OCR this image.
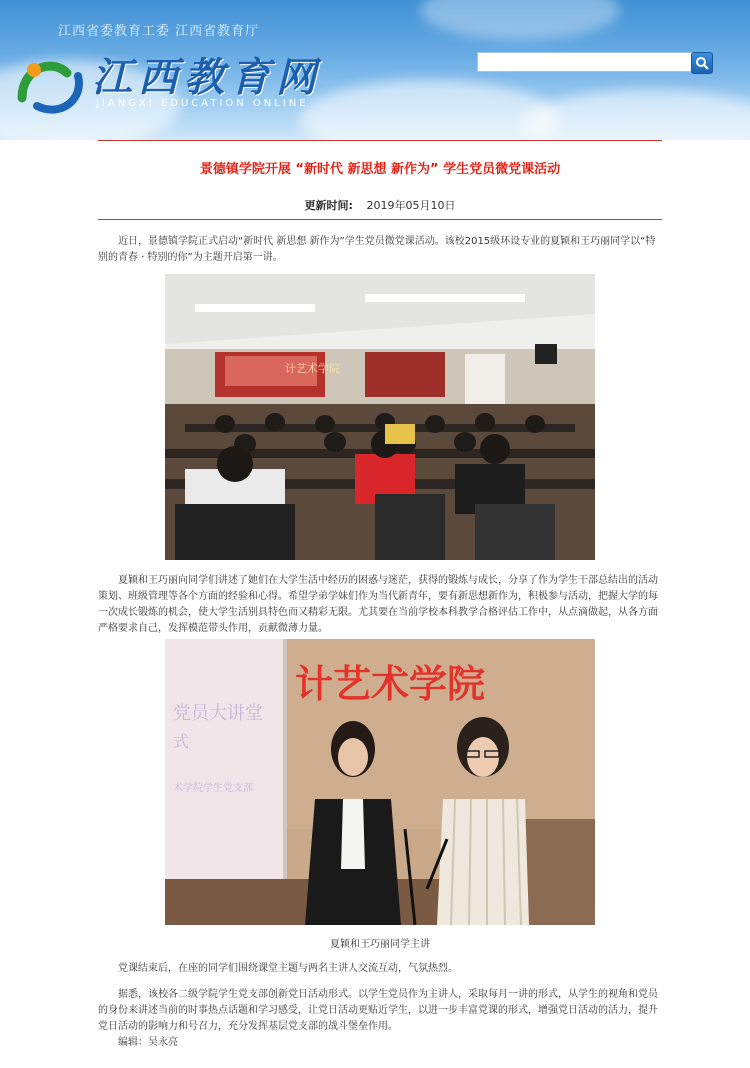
江西省委教育工委 江西省教育厅
江西教育网
JIANGXI EDUCATION ONLINE
景德镇学院开展 “新时代 新思想 新作为” 学生党员微党课活动
更新时间: 2019年05月10日

近日，景德镇学院正式启动“新时代 新思想 新作为”学生党员微党课活动。该校2015级环设专业的夏颖和王巧丽同学以“特别的青春 · 特别的你”为主题开启第一讲。

计艺术学院

夏颖和王巧丽向同学们讲述了她们在大学生活中经历的困惑与迷茫，获得的锻炼与成长，分享了作为学生干部总结出的活动策划、班级管理等各个方面的经验和心得。希望学弟学妹们作为当代新青年，要有新思想新作为，积极参与活动，把握大学的每一次成长锻炼的机会，使大学生活别具特色而又精彩无限。尤其要在当前学校本科教学合格评估工作中，从点滴做起，从各方面严格要求自己，发挥模范带头作用，贡献微薄力量。

党员大讲堂
式
术学院学生党支部
计艺术学院
夏颖和王巧丽同学主讲

党课结束后，在座的同学们围绕课堂主题与两名主讲人交流互动，气氛热烈。

据悉，该校各二级学院学生党支部创新党日活动形式。以学生党员作为主讲人，采取每月一讲的形式，从学生的视角和党员的身份来讲述当前的时事热点话题和学习感受，让党日活动更贴近学生，以进一步丰富党课的形式，增强党日活动的活力，提升党日活动的影响力和号召力，充分发挥基层党支部的战斗堡垒作用。

编辑：吴永亮
